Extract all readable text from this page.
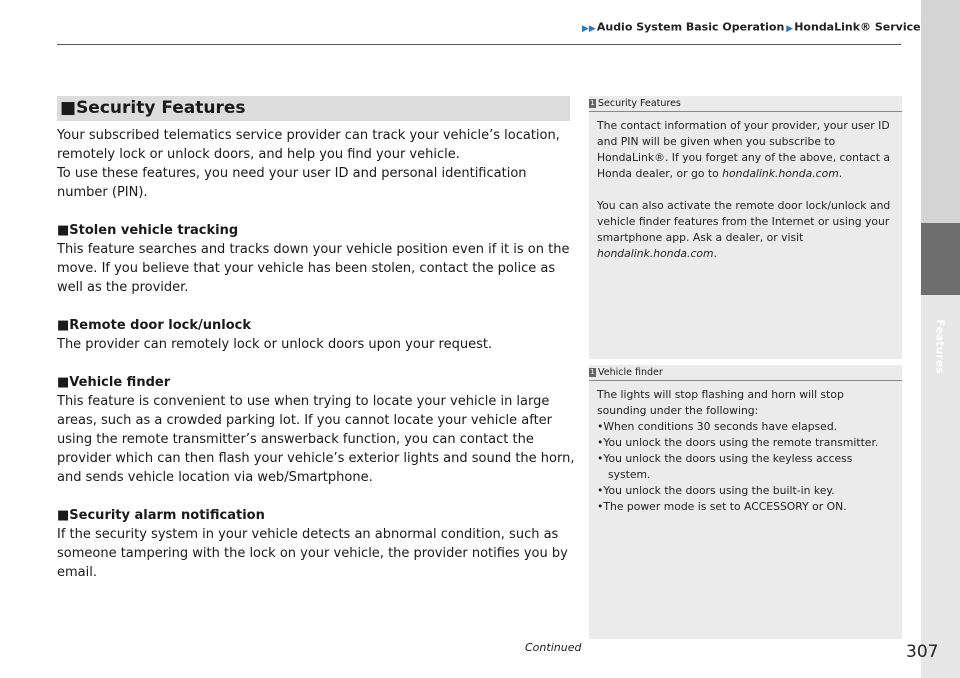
▶▶Audio System Basic Operation ▶HondaLink® Service
Features
■Security Features

Your subscribed telematics service provider can track your vehicle’s location, remotely lock or unlock doors, and help you find your vehicle.

To use these features, you need your user ID and personal identification number (PIN).

■Stolen vehicle tracking

This feature searches and tracks down your vehicle position even if it is on the move. If you believe that your vehicle has been stolen, contact the police as well as the provider.

■Remote door lock/unlock

The provider can remotely lock or unlock doors upon your request.

■Vehicle finder

This feature is convenient to use when trying to locate your vehicle in large areas, such as a crowded parking lot. If you cannot locate your vehicle after using the remote transmitter’s answerback function, you can contact the provider which can then flash your vehicle’s exterior lights and sound the horn, and sends vehicle location via web/Smartphone.

■Security alarm notification

If the security system in your vehicle detects an abnormal condition, such as someone tampering with the lock on your vehicle, the provider notifies you by email.

1 Security Features

The contact information of your provider, your user ID and PIN will be given when you subscribe to HondaLink®. If you forget any of the above, contact a Honda dealer, or go to hondalink.honda.com.

You can also activate the remote door lock/unlock and vehicle finder features from the Internet or using your smartphone app. Ask a dealer, or visit hondalink.honda.com.

1 Vehicle finder

The lights will stop flashing and horn will stop sounding under the following:

•When conditions 30 seconds have elapsed.

•You unlock the doors using the remote transmitter.

•You unlock the doors using the keyless access system.

•You unlock the doors using the built-in key.

•The power mode is set to ACCESSORY or ON.

Continued	307
